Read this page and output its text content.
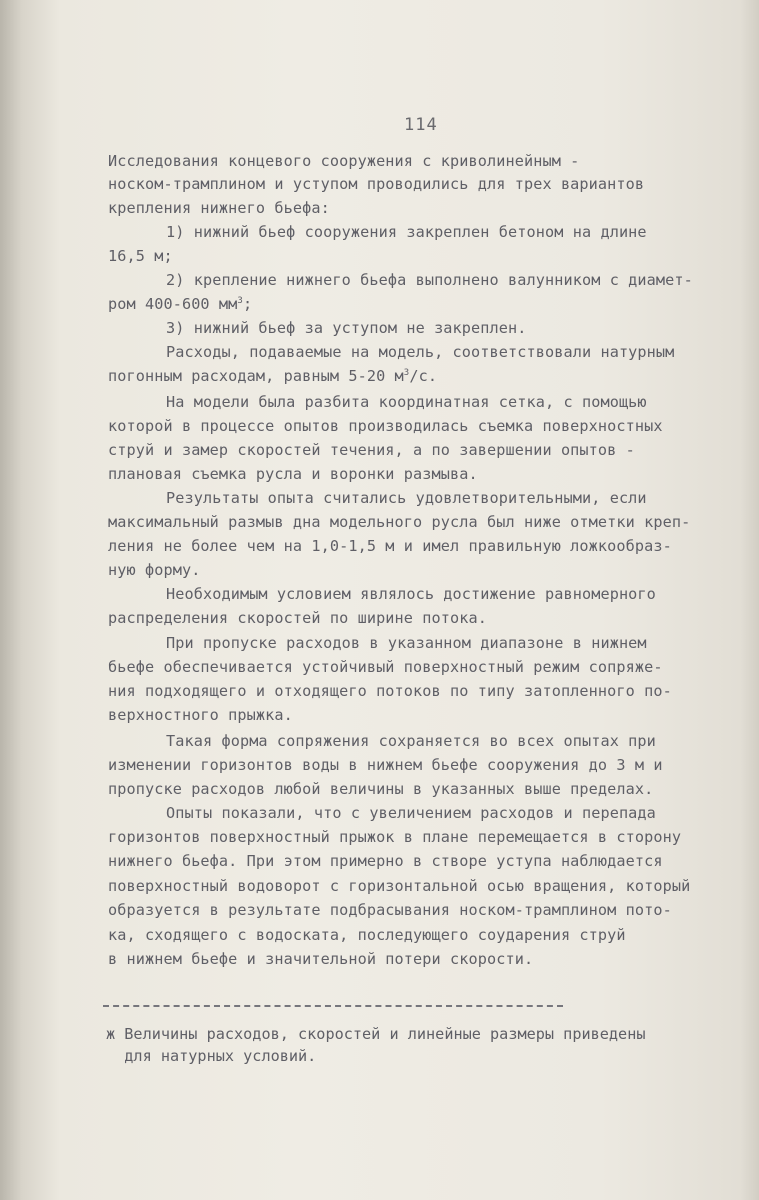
114
Исследования концевого сооружения с криволинейным -
носком-трамплином и уступом проводились для трех вариантов
крепления нижнего бьефа:
1) нижний бьеф сооружения закреплен бетоном на длине
16,5 м;
2) крепление нижнего бьефа выполнено валунником с диамет-
ром 400-600 $мм^3$;
3) нижний бьеф за уступом не закреплен.
Расходы, подаваемые на модель, соответствовали натурным
погонным расходам, равным 5-20 $м^3/с$.
На модели была разбита координатная сетка, с помощью
которой в процессе опытов производилась съемка поверхностных
струй и замер скоростей течения, а по завершении опытов -
плановая съемка русла и воронки размыва.
Результаты опыта считались удовлетворительными, если
максимальный размыв дна модельного русла был ниже отметки креп-
ления не более чем на 1,0-1,5 м и имел правильную ложкообраз-
ную форму.
Необходимым условием являлось достижение равномерного
распределения скоростей по ширине потока.
При пропуске расходов в указанном диапазоне в нижнем
бьефе обеспечивается устойчивый поверхностный режим сопряже-
ния подходящего и отходящего потоков по типу затопленного по-
верхностного прыжка.
Такая форма сопряжения сохраняется во всех опытах при
изменении горизонтов воды в нижнем бьефе сооружения до 3 м и
пропуске расходов любой величины в указанных выше пределах.
Опыты показали, что с увеличением расходов и перепада
горизонтов поверхностный прыжок в плане перемещается в сторону
нижнего бьефа. При этом примерно в створе уступа наблюдается
поверхностный водоворот с горизонтальной осью вращения, который
образуется в результате подбрасывания носком-трамплином пото-
ка, сходящего с водоската, последующего соударения струй
в нижнем бьефе и значительной потери скорости.
ж Величины расходов, скоростей и линейные размеры приведены
для натурных условий.
